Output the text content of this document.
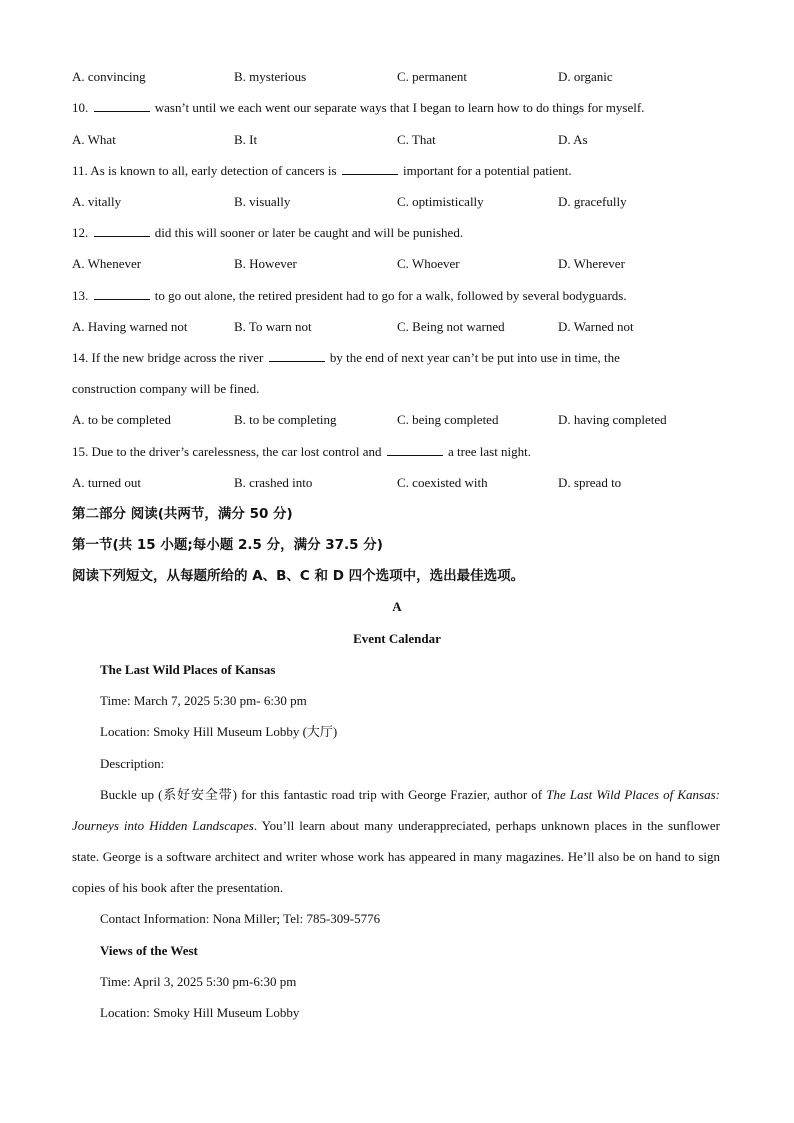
A. convincing	B. mysterious	C. permanent	D. organic
10.	wasn’t until we each went our separate ways that I began to learn how to do things for myself.
A. What	B. It	C. That	D. As
11. As is known to all, early detection of cancers is	important for a potential patient.
A. vitally	B. visually	C. optimistically	D. gracefully
12.	did this will sooner or later be caught and will be punished.
A. Whenever	B. However	C. Whoever	D. Wherever
13.	to go out alone, the retired president had to go for a walk, followed by several bodyguards.
A. Having warned not	B. To warn not	C. Being not warned	D. Warned not
14. If the new bridge across the river	by the end of next year can’t be put into use in time, the
construction company will be fined.
A. to be completed	B. to be completing	C. being completed	D. having completed
15. Due to the driver’s carelessness, the car lost control and	a tree last night.
A. turned out	B. crashed into	C. coexisted with	D. spread to
第二部分 阅读(共两节，满分 50 分)
第一节(共 15 小题;每小题 2.5 分，满分 37.5 分)
阅读下列短文，从每题所给的 A、B、C 和 D 四个选项中，选出最佳选项。
A
Event Calendar
The Last Wild Places of Kansas
Time: March 7, 2025 5:30 pm- 6:30 pm
Location: Smoky Hill Museum Lobby (大厅)
Description:
Buckle up (系好安全带) for this fantastic road trip with George Frazier, author of The Last Wild Places of Kansas: Journeys into Hidden Landscapes. You’ll learn about many underappreciated, perhaps unknown places in the sunflower state. George is a software architect and writer whose work has appeared in many magazines. He’ll also be on hand to sign copies of his book after the presentation.
Contact Information: Nona Miller; Tel: 785-309-5776
Views of the West
Time: April 3, 2025 5:30 pm-6:30 pm
Location: Smoky Hill Museum Lobby
